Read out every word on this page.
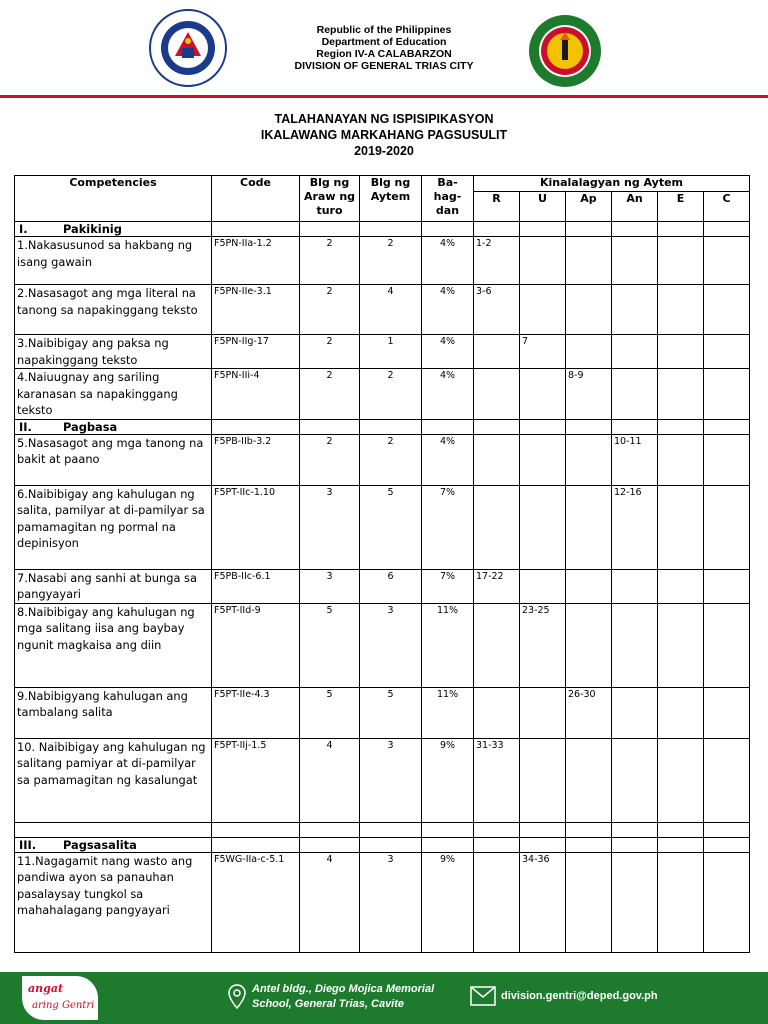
Republic of the Philippines
Department of Education
Region IV-A CALABARZON
DIVISION OF GENERAL TRIAS CITY
TALAHANAYAN NG ISPISIPIKASYON
IKALAWANG MARKAHANG PAGSUSULIT
2019-2020
Competencies	Code	Blg ng Araw ng turo	Blg ng Aytem	Ba-hag-dan	Kinalalagyan ng Aytem					
					R	U	Ap	An	E	C
I. Pakikinig										
1.Nakasusunod sa hakbang ng isang gawain	F5PN-IIa-1.2	2	2	4%	1-2					
2.Nasasagot ang mga literal na tanong sa napakinggang teksto	F5PN-IIe-3.1	2	4	4%	3-6					
3.Naibibigay ang paksa ng napakinggang teksto	F5PN-IIg-17	2	1	4%		7				
4.Naiuugnay ang sariling karanasan sa napakinggang teksto	F5PN-IIi-4	2	2	4%			8-9			
II. Pagbasa										
5.Nasasagot ang mga tanong na bakit at paano	F5PB-IIb-3.2	2	2	4%				10-11		
6.Naibibigay ang kahulugan ng salita, pamilyar at di-pamilyar sa pamamagitan ng pormal na depinisyon	F5PT-IIc-1.10	3	5	7%				12-16		
7.Nasabi ang sanhi at bunga sa pangyayari	F5PB-IIc-6.1	3	6	7%	17-22					
8.Naibibigay ang kahulugan ng mga salitang iisa ang baybay ngunit magkaisa ang diin	F5PT-IId-9	5	3	11%		23-25				
9.Nabibigyang kahulugan ang tambalang salita	F5PT-IIe-4.3	5	5	11%			26-30			
10. Naibibigay ang kahulugan ng salitang pamiyar at di-pamilyar sa pamamagitan ng kasalungat	F5PT-IIj-1.5	4	3	9%	31-33					

III. Pagsasalita										
11.Nagagamit nang wasto ang pandiwa ayon sa panauhan pasalaysay tungkol sa mahahalagang pangyayari	F5WG-IIa-c-5.1	4	3	9%		34-36				
angat
aring Gentri
Antel bldg., Diego Mojica Memorial
School, General Trias, Cavite
division.gentri@deped.gov.ph
